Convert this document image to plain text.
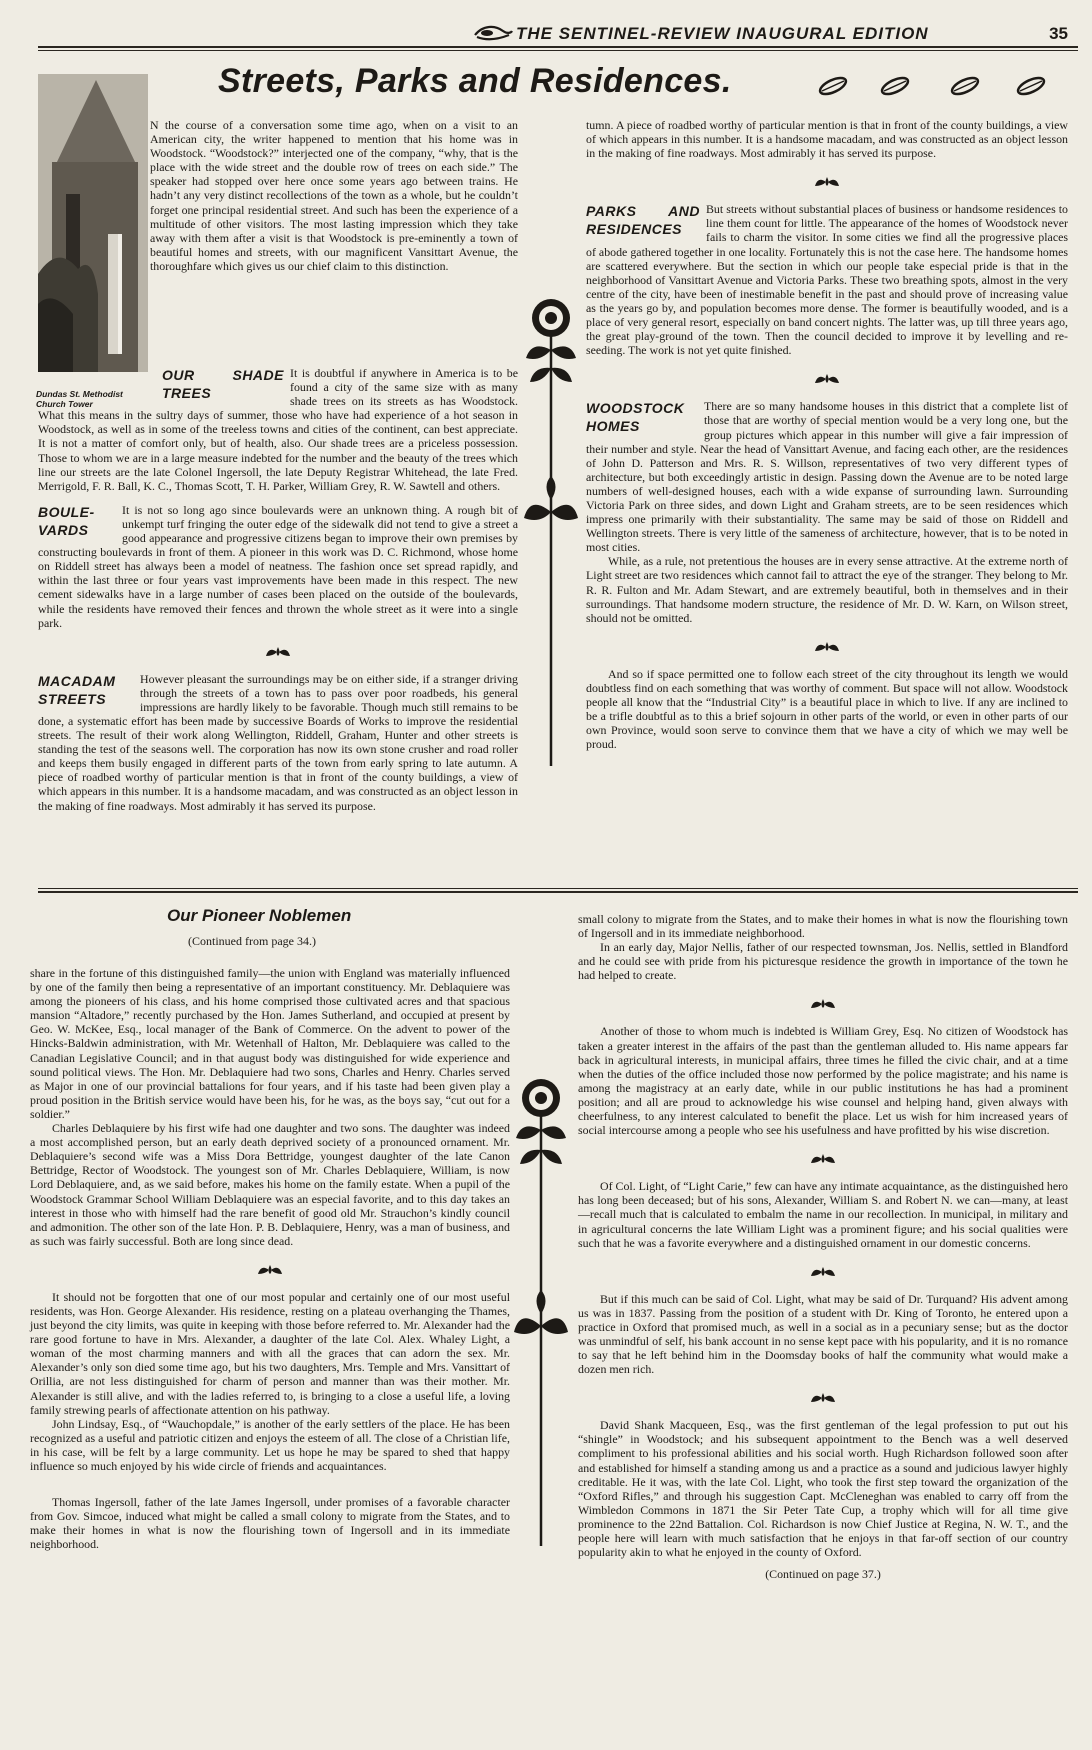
THE SENTINEL-REVIEW INAUGURAL EDITION	35
Streets, Parks and Residences.
Dundas St. Methodist Church Tower

N the course of a conversation some time ago, when on a visit to an American city, the writer happened to mention that his home was in Woodstock. “Woodstock?” interjected one of the company, “why, that is the place with the wide street and the double row of trees on each side.” The speaker had stopped over here once some years ago between trains. He hadn’t any very distinct recollections of the town as a whole, but he couldn’t forget one principal residential street. And such has been the experience of a multitude of other visitors. The most lasting impression which they take away with them after a visit is that Woodstock is pre-eminently a town of beautiful homes and streets, with our magnificent Vansittart Avenue, the thoroughfare which gives us our chief claim to this distinction.

OUR SHADE TREES
It is doubtful if anywhere in America is to be found a city of the same size with as many shade trees on its streets as has Woodstock. What this means in the sultry days of summer, those who have had experience of a hot season in Woodstock, as well as in some of the treeless towns and cities of the continent, can best appreciate. It is not a matter of comfort only, but of health, also. Our shade trees are a priceless possession. Those to whom we are in a large measure indebted for the number and the beauty of the trees which line our streets are the late Colonel Ingersoll, the late Deputy Registrar Whitehead, the late Fred. Merrigold, F. R. Ball, K. C., Thomas Scott, T. H. Parker, William Grey, R. W. Sawtell and others.

BOULE-VARDS
It is not so long ago since boulevards were an unknown thing. A rough bit of unkempt turf fringing the outer edge of the sidewalk did not tend to give a street a good appearance and progressive citizens began to improve their own premises by constructing boulevards in front of them. A pioneer in this work was D. C. Richmond, whose home on Riddell street has always been a model of neatness. The fashion once set spread rapidly, and within the last three or four years vast improvements have been made in this respect. The new cement sidewalks have in a large number of cases been placed on the outside of the boulevards, while the residents have removed their fences and thrown the whole street as it were into a single park.

MACADAM STREETS
However pleasant the surroundings may be on either side, if a stranger driving through the streets of a town has to pass over poor roadbeds, his general impressions are hardly likely to be favorable. Though much still remains to be done, a systematic effort has been made by successive Boards of Works to improve the residential streets. The result of their work along Wellington, Riddell, Graham, Hunter and other streets is standing the test of the seasons well. The corporation has now its own stone crusher and road roller and keeps them busily engaged in different parts of the town from early spring to late autumn. A piece of roadbed worthy of particular mention is that in front of the county buildings, a view of which appears in this number. It is a handsome macadam, and was constructed as an object lesson in the making of fine roadways. Most admirably it has served its purpose.

tumn. A piece of roadbed worthy of particular mention is that in front of the county buildings, a view of which appears in this number. It is a handsome macadam, and was constructed as an object lesson in the making of fine roadways. Most admirably it has served its purpose.

PARKS AND RESIDENCES
But streets without substantial places of business or handsome residences to line them count for little. The appearance of the homes of Woodstock never fails to charm the visitor. In some cities we find all the progressive places of abode gathered together in one locality. Fortunately this is not the case here. The handsome homes are scattered everywhere. But the section in which our people take especial pride is that in the neighborhood of Vansittart Avenue and Victoria Parks. These two breathing spots, almost in the very centre of the city, have been of inestimable benefit in the past and should prove of increasing value as the years go by, and population becomes more dense. The former is beautifully wooded, and is a place of very general resort, especially on band concert nights. The latter was, up till three years ago, the great play-ground of the town. Then the council decided to improve it by levelling and re-seeding. The work is not yet quite finished.

WOODSTOCK HOMES
There are so many handsome houses in this district that a complete list of those that are worthy of special mention would be a very long one, but the group pictures which appear in this number will give a fair impression of their number and style. Near the head of Vansittart Avenue, and facing each other, are the residences of John D. Patterson and Mrs. R. S. Willson, representatives of two very different types of architecture, but both exceedingly artistic in design. Passing down the Avenue are to be noted large numbers of well-designed houses, each with a wide expanse of surrounding lawn. Surrounding Victoria Park on three sides, and down Light and Graham streets, are to be seen residences which impress one primarily with their substantiality. The same may be said of those on Riddell and Wellington streets. There is very little of the sameness of architecture, however, that is to be noted in most cities.

While, as a rule, not pretentious the houses are in every sense attractive. At the extreme north of Light street are two residences which cannot fail to attract the eye of the stranger. They belong to Mr. R. R. Fulton and Mr. Adam Stewart, and are extremely beautiful, both in themselves and in their surroundings. That handsome modern structure, the residence of Mr. D. W. Karn, on Wilson street, should not be omitted.

And so if space permitted one to follow each street of the city throughout its length we would doubtless find on each something that was worthy of comment. But space will not allow. Woodstock people all know that the “Industrial City” is a beautiful place in which to live. If any are inclined to be a trifle doubtful as to this a brief sojourn in other parts of the world, or even in other parts of our own Province, would soon serve to convince them that we have a city of which we may well be proud.

Our Pioneer Noblemen
(Continued from page 34.)

share in the fortune of this distinguished family—the union with England was materially influenced by one of the family then being a representative of an important constituency. Mr. Deblaquiere was among the pioneers of his class, and his home comprised those cultivated acres and that spacious mansion “Altadore,” recently purchased by the Hon. James Sutherland, and occupied at present by Geo. W. McKee, Esq., local manager of the Bank of Commerce. On the advent to power of the Hincks-Baldwin administration, with Mr. Wetenhall of Halton, Mr. Deblaquiere was called to the Canadian Legislative Council; and in that august body was distinguished for wide experience and sound political views. The Hon. Mr. Deblaquiere had two sons, Charles and Henry. Charles served as Major in one of our provincial battalions for four years, and if his taste had been given play a proud position in the British service would have been his, for he was, as the boys say, “cut out for a soldier.”

Charles Deblaquiere by his first wife had one daughter and two sons. The daughter was indeed a most accomplished person, but an early death deprived society of a pronounced ornament. Mr. Deblaquiere’s second wife was a Miss Dora Bettridge, youngest daughter of the late Canon Bettridge, Rector of Woodstock. The youngest son of Mr. Charles Deblaquiere, William, is now Lord Deblaquiere, and, as we said before, makes his home on the family estate. When a pupil of the Woodstock Grammar School William Deblaquiere was an especial favorite, and to this day takes an interest in those who with himself had the rare benefit of good old Mr. Strauchon’s kindly council and admonition. The other son of the late Hon. P. B. Deblaquiere, Henry, was a man of business, and as such was fairly successful. Both are long since dead.

It should not be forgotten that one of our most popular and certainly one of our most useful residents, was Hon. George Alexander. His residence, resting on a plateau overhanging the Thames, just beyond the city limits, was quite in keeping with those before referred to. Mr. Alexander had the rare good fortune to have in Mrs. Alexander, a daughter of the late Col. Alex. Whaley Light, a woman of the most charming manners and with all the graces that can adorn the sex. Mr. Alexander’s only son died some time ago, but his two daughters, Mrs. Temple and Mrs. Vansittart of Orillia, are not less distinguished for charm of person and manner than was their mother. Mr. Alexander is still alive, and with the ladies referred to, is bringing to a close a useful life, a loving family strewing pearls of affectionate attention on his pathway.

John Lindsay, Esq., of “Wauchopdale,” is another of the early settlers of the place. He has been recognized as a useful and patriotic citizen and enjoys the esteem of all. The close of a Christian life, in his case, will be felt by a large community. Let us hope he may be spared to shed that happy influence so much enjoyed by his wide circle of friends and acquaintances.

Thomas Ingersoll, father of the late James Ingersoll, under promises of a favorable character from Gov. Simcoe, induced what might be called a small colony to migrate from the States, and to make their homes in what is now the flourishing town of Ingersoll and in its immediate neighborhood.

small colony to migrate from the States, and to make their homes in what is now the flourishing town of Ingersoll and in its immediate neighborhood.

In an early day, Major Nellis, father of our respected townsman, Jos. Nellis, settled in Blandford and he could see with pride from his picturesque residence the growth in importance of the town he had helped to create.

Another of those to whom much is indebted is William Grey, Esq. No citizen of Woodstock has taken a greater interest in the affairs of the past than the gentleman alluded to. His name appears far back in agricultural interests, in municipal affairs, three times he filled the civic chair, and at a time when the duties of the office included those now performed by the police magistrate; and his name is among the magistracy at an early date, while in our public institutions he has had a prominent position; and all are proud to acknowledge his wise counsel and helping hand, given always with cheerfulness, to any interest calculated to benefit the place. Let us wish for him increased years of social intercourse among a people who see his usefulness and have profitted by his wise discretion.

Of Col. Light, of “Light Carie,” few can have any intimate acquaintance, as the distinguished hero has long been deceased; but of his sons, Alexander, William S. and Robert N. we can—many, at least—recall much that is calculated to embalm the name in our recollection. In municipal, in military and in agricultural concerns the late William Light was a prominent figure; and his social qualities were such that he was a favorite everywhere and a distinguished ornament in our domestic concerns.

But if this much can be said of Col. Light, what may be said of Dr. Turquand? His advent among us was in 1837. Passing from the position of a student with Dr. King of Toronto, he entered upon a practice in Oxford that promised much, as well in a social as in a pecuniary sense; but as the doctor was unmindful of self, his bank account in no sense kept pace with his popularity, and it is no romance to say that he left behind him in the Doomsday books of half the community what would make a dozen men rich.

David Shank Macqueen, Esq., was the first gentleman of the legal profession to put out his “shingle” in Woodstock; and his subsequent appointment to the Bench was a well deserved compliment to his professional abilities and his social worth. Hugh Richardson followed soon after and established for himself a standing among us and a practice as a sound and judicious lawyer highly creditable. He it was, with the late Col. Light, who took the first step toward the organization of the “Oxford Rifles,” and through his suggestion Capt. McCleneghan was enabled to carry off from the Wimbledon Commons in 1871 the Sir Peter Tate Cup, a trophy which will for all time give prominence to the 22nd Battalion. Col. Richardson is now Chief Justice at Regina, N. W. T., and the people here will learn with much satisfaction that he enjoys in that far-off section of our country popularity akin to what he enjoyed in the county of Oxford.

(Continued on page 37.)
